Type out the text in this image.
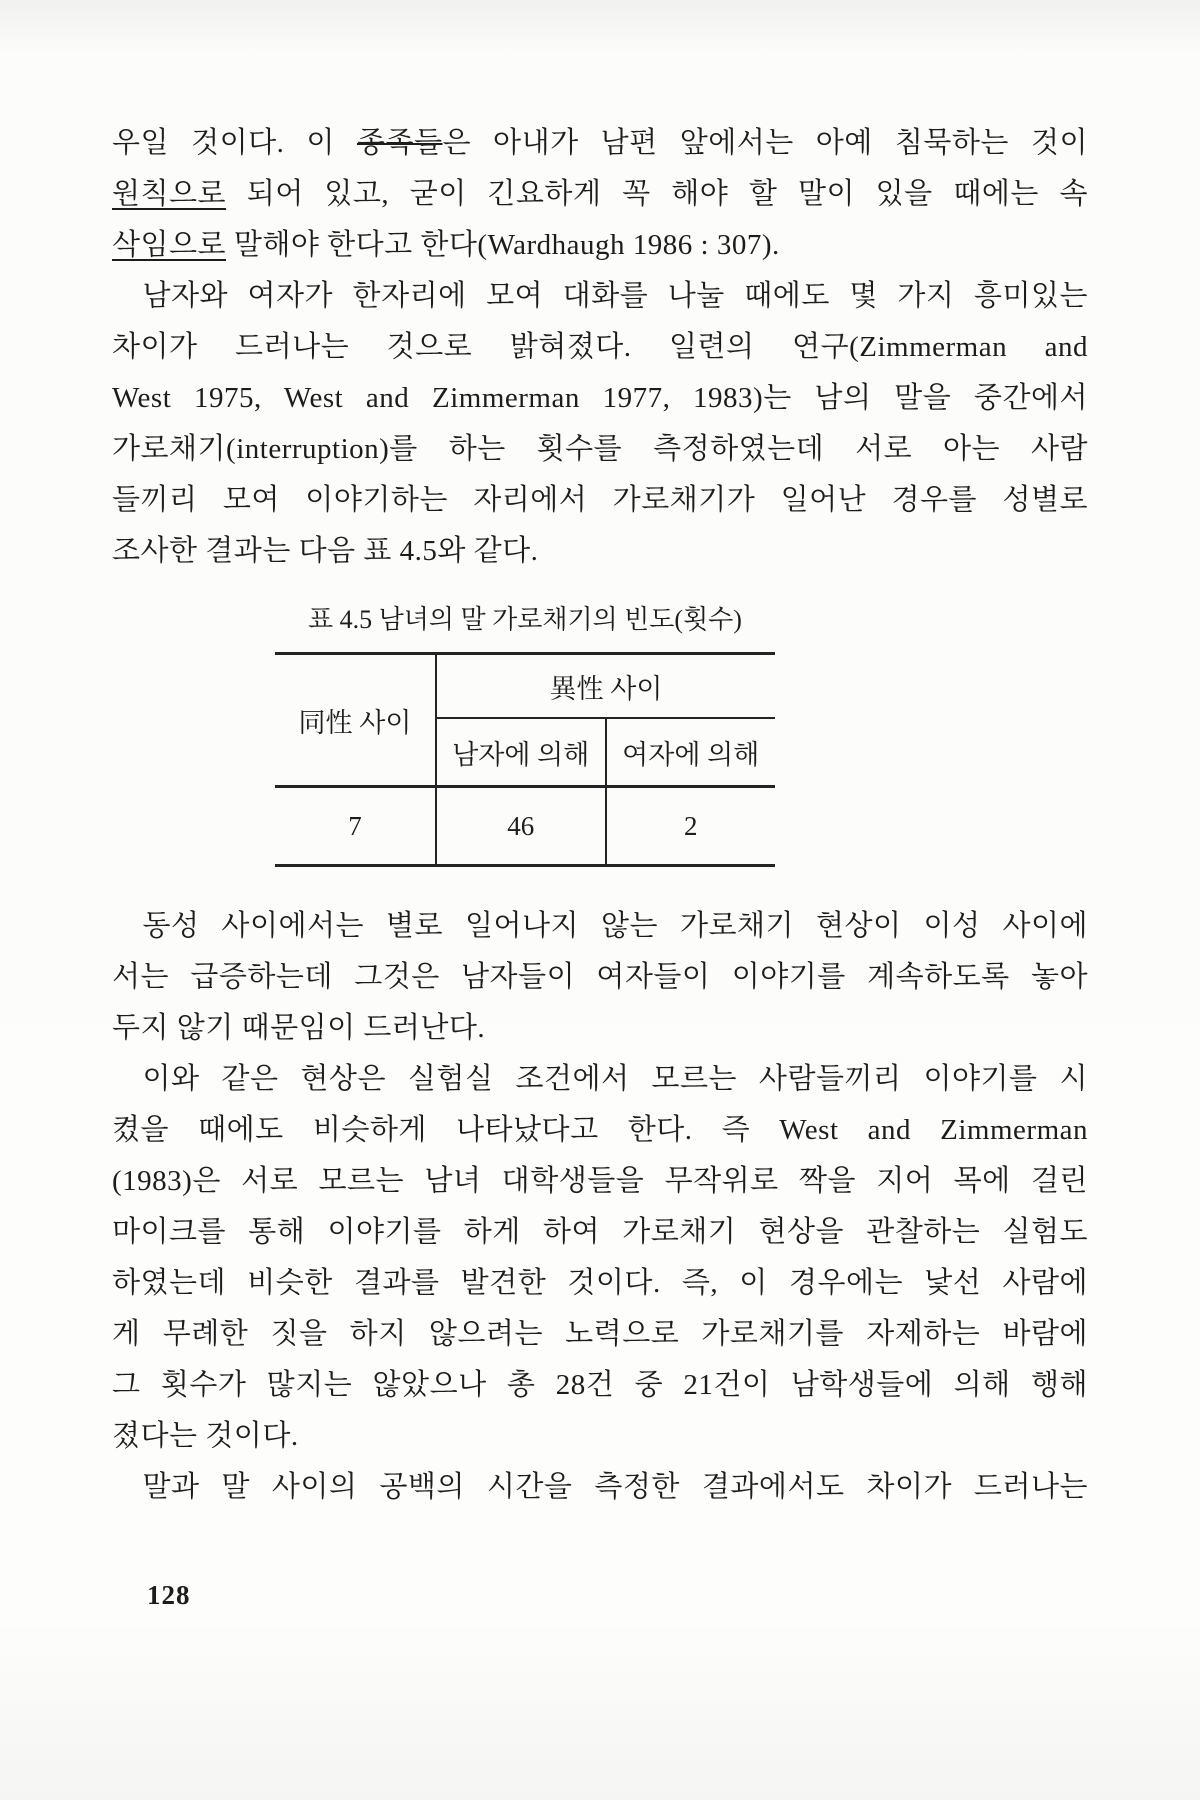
우일 것이다. 이 종족들은 아내가 남편 앞에서는 아예 침묵하는 것이
원칙으로 되어 있고, 굳이 긴요하게 꼭 해야 할 말이 있을 때에는 속
삭임으로 말해야 한다고 한다(Wardhaugh 1986 : 307).
남자와 여자가 한자리에 모여 대화를 나눌 때에도 몇 가지 흥미있는
차이가 드러나는 것으로 밝혀졌다. 일련의 연구(Zimmerman and
West 1975, West and Zimmerman 1977, 1983)는 남의 말을 중간에서
가로채기(interruption)를 하는 횟수를 측정하였는데 서로 아는 사람
들끼리 모여 이야기하는 자리에서 가로채기가 일어난 경우를 성별로
조사한 결과는 다음 표 4.5와 같다.
표 4.5 남녀의 말 가로채기의 빈도(횟수)
同性 사이	異性 사이	
	남자에 의해	여자에 의해
7	46	2
동성 사이에서는 별로 일어나지 않는 가로채기 현상이 이성 사이에
서는 급증하는데 그것은 남자들이 여자들이 이야기를 계속하도록 놓아
두지 않기 때문임이 드러난다.
이와 같은 현상은 실험실 조건에서 모르는 사람들끼리 이야기를 시
켰을 때에도 비슷하게 나타났다고 한다. 즉 West and Zimmerman
(1983)은 서로 모르는 남녀 대학생들을 무작위로 짝을 지어 목에 걸린
마이크를 통해 이야기를 하게 하여 가로채기 현상을 관찰하는 실험도
하였는데 비슷한 결과를 발견한 것이다. 즉, 이 경우에는 낯선 사람에
게 무례한 짓을 하지 않으려는 노력으로 가로채기를 자제하는 바람에
그 횟수가 많지는 않았으나 총 28건 중 21건이 남학생들에 의해 행해
졌다는 것이다.
말과 말 사이의 공백의 시간을 측정한 결과에서도 차이가 드러나는
128
